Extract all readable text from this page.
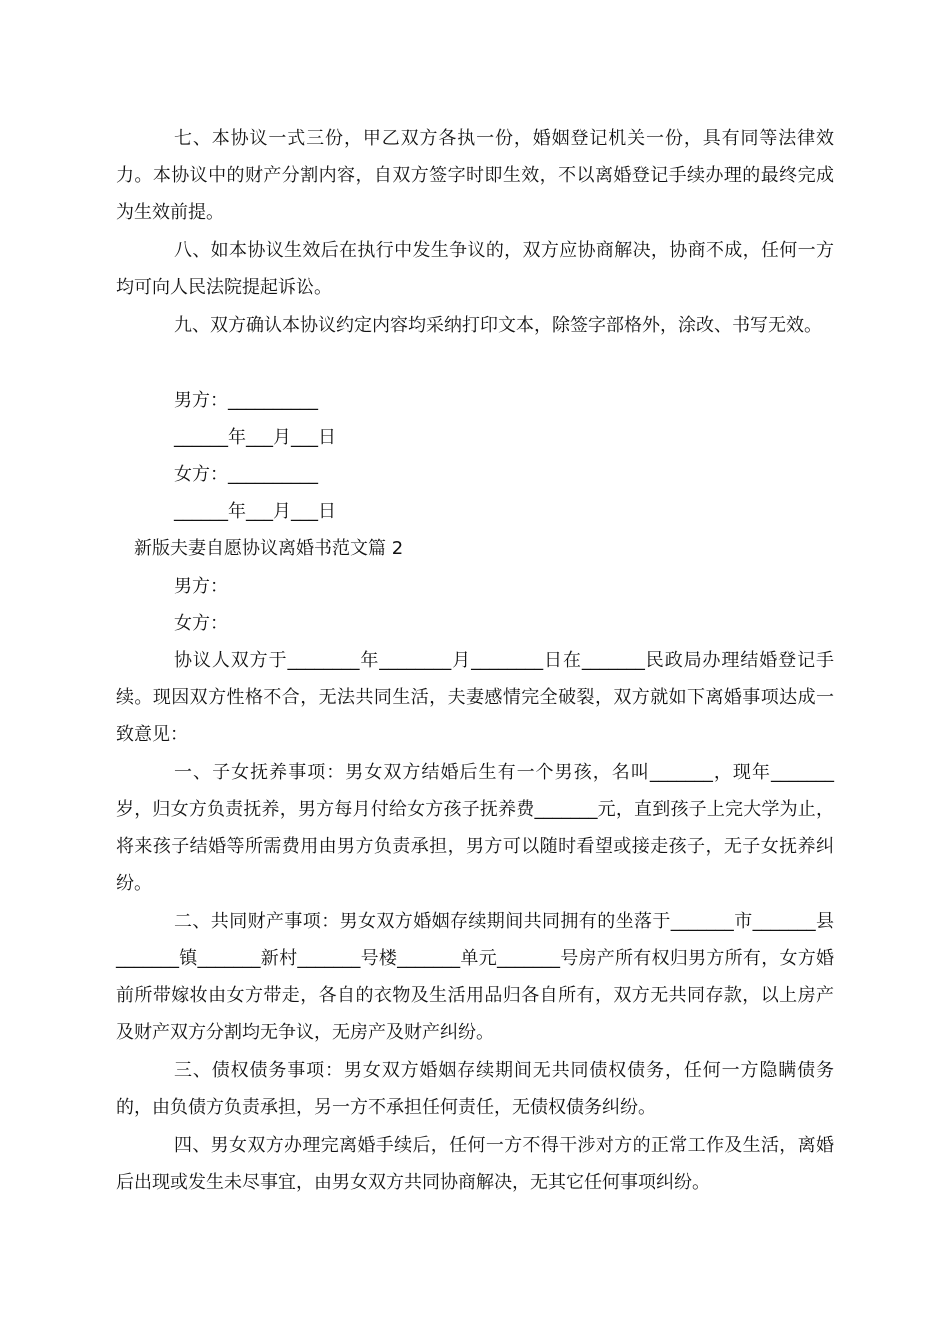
七、本协议一式三份，甲乙双方各执一份，婚姻登记机关一份，具有同等法律效力。本协议中的财产分割内容，自双方签字时即生效，不以离婚登记手续办理的最终完成为生效前提。

八、如本协议生效后在执行中发生争议的，双方应协商解决，协商不成，任何一方均可向人民法院提起诉讼。

九、双方确认本协议约定内容均采纳打印文本，除签字部格外，涂改、书写无效。

男方：__________

______年___月___日

女方：__________

______年___月___日

新版夫妻自愿协议离婚书范文篇 2

男方：

女方：

协议人双方于________年________月________日在_______民政局办理结婚登记手续。现因双方性格不合，无法共同生活，夫妻感情完全破裂，双方就如下离婚事项达成一致意见：

一、子女抚养事项：男女双方结婚后生有一个男孩，名叫_______，现年_______岁，归女方负责抚养，男方每月付给女方孩子抚养费_______元，直到孩子上完大学为止，将来孩子结婚等所需费用由男方负责承担，男方可以随时看望或接走孩子，无子女抚养纠纷。

二、共同财产事项：男女双方婚姻存续期间共同拥有的坐落于_______市_______县_______镇_______新村_______号楼_______单元_______号房产所有权归男方所有，女方婚前所带嫁妆由女方带走，各自的衣物及生活用品归各自所有，双方无共同存款，以上房产及财产双方分割均无争议，无房产及财产纠纷。

三、债权债务事项：男女双方婚姻存续期间无共同债权债务，任何一方隐瞒债务的，由负债方负责承担，另一方不承担任何责任，无债权债务纠纷。

四、男女双方办理完离婚手续后，任何一方不得干涉对方的正常工作及生活，离婚后出现或发生未尽事宜，由男女双方共同协商解决，无其它任何事项纠纷。
